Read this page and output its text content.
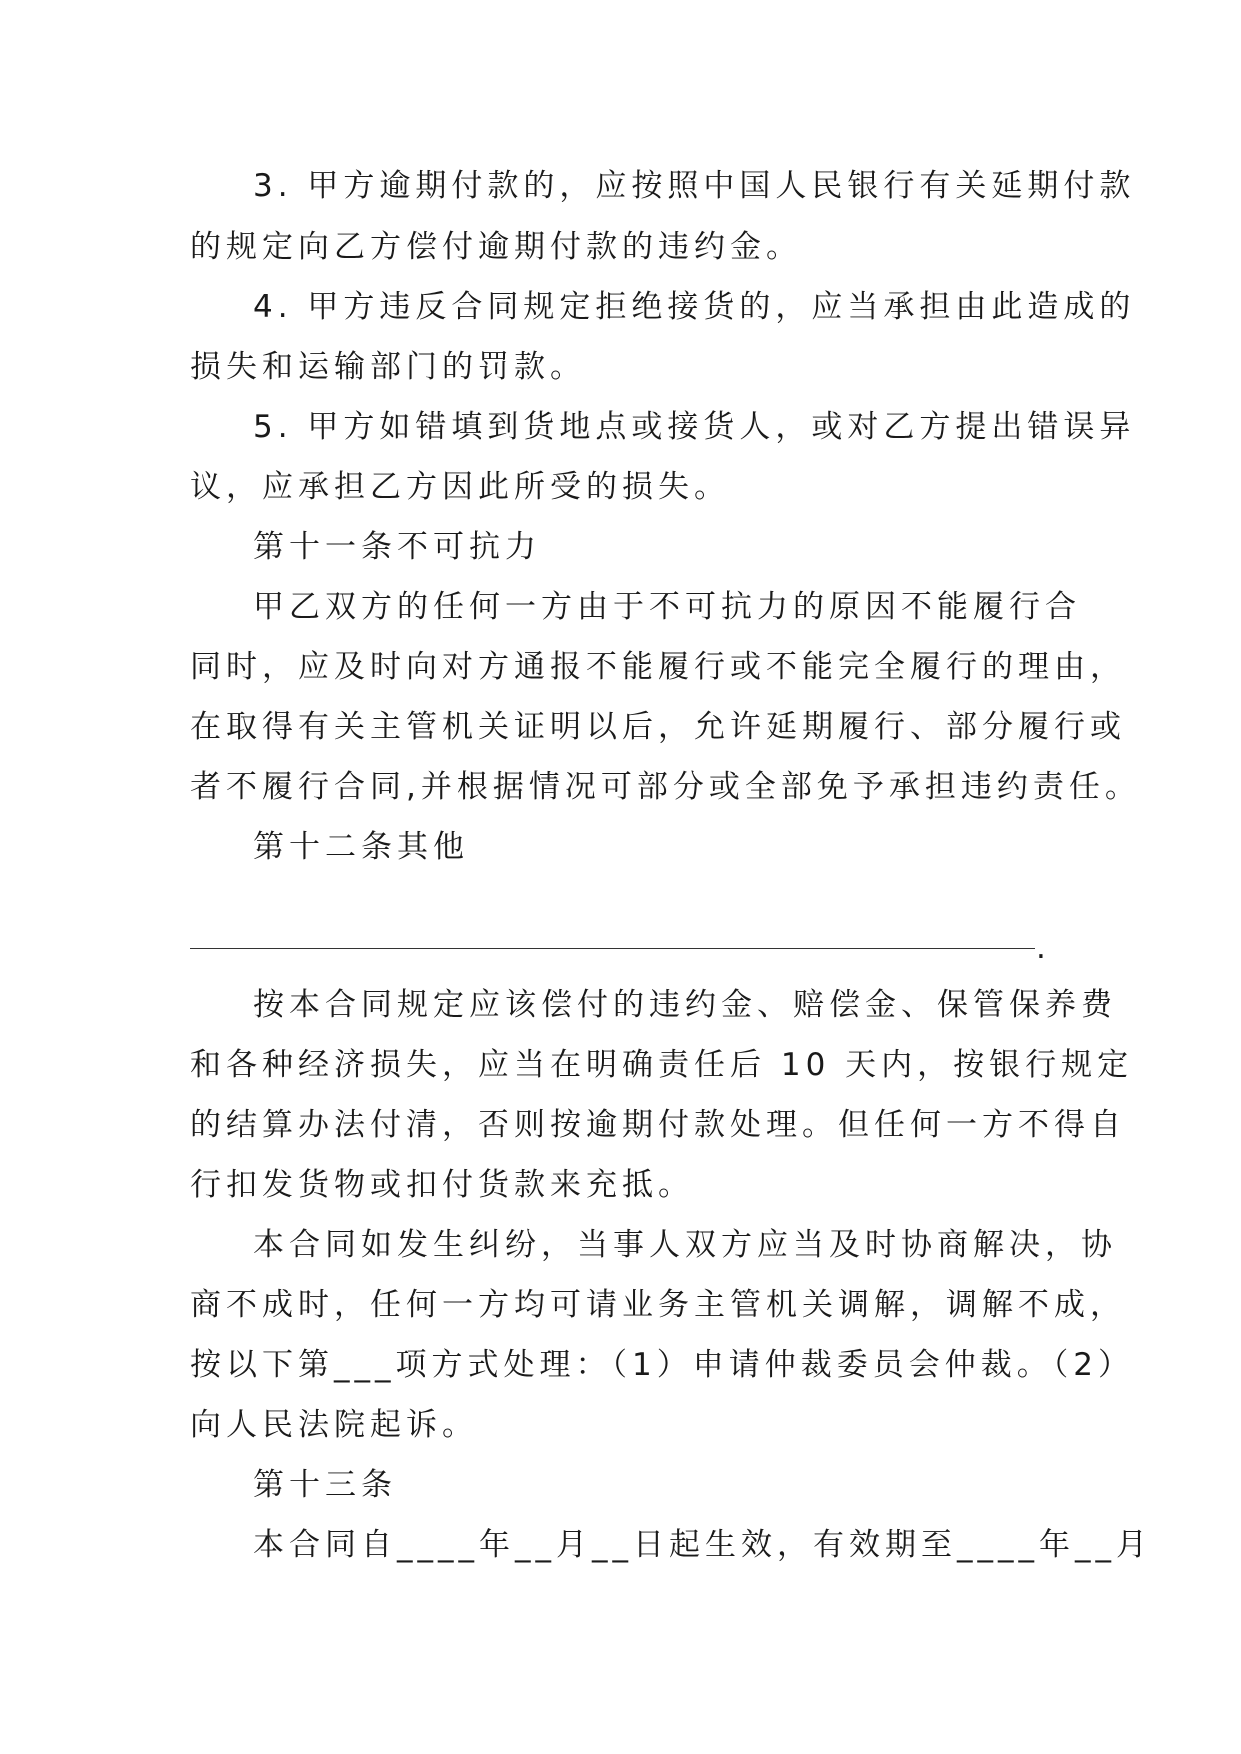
3. 甲方逾期付款的，应按照中国人民银行有关延期付款
的规定向乙方偿付逾期付款的违约金。
4. 甲方违反合同规定拒绝接货的，应当承担由此造成的
损失和运输部门的罚款。
5. 甲方如错填到货地点或接货人，或对乙方提出错误异
议，应承担乙方因此所受的损失。
第十一条不可抗力
甲乙双方的任何一方由于不可抗力的原因不能履行合
同时，应及时向对方通报不能履行或不能完全履行的理由，
在取得有关主管机关证明以后，允许延期履行、部分履行或
者不履行合同,并根据情况可部分或全部免予承担违约责任。
第十二条其他
.
按本合同规定应该偿付的违约金、赔偿金、保管保养费
和各种经济损失，应当在明确责任后 10 天内，按银行规定
的结算办法付清，否则按逾期付款处理。但任何一方不得自
行扣发货物或扣付货款来充抵。
本合同如发生纠纷，当事人双方应当及时协商解决，协
商不成时，任何一方均可请业务主管机关调解，调解不成，
按以下第___项方式处理：（1）申请仲裁委员会仲裁。（2）
向人民法院起诉。
第十三条
本合同自____年__月__日起生效，有效期至____年__月
